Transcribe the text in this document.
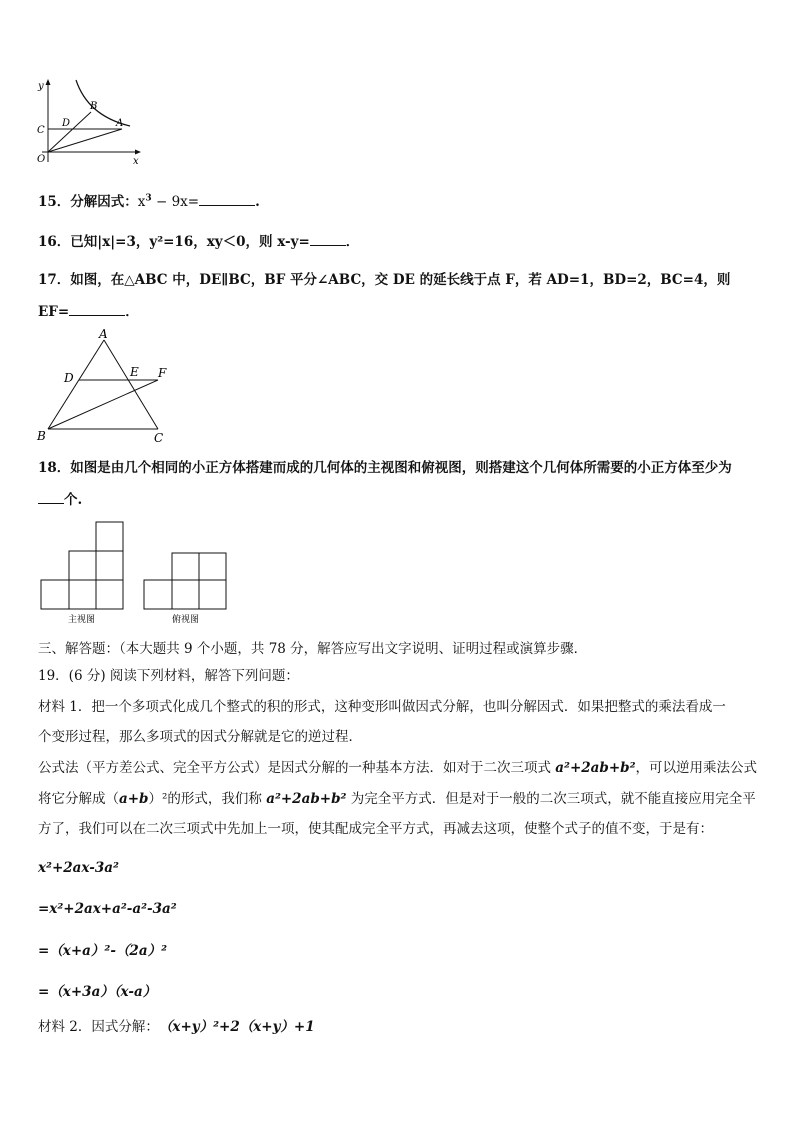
y
x
O
B
A
D
C
15．分解因式：$x^3 - 9x=$	.
16．已知|x|=3，y²=16，xy＜0，则 x-y=	．
17．如图，在△ABC 中，DE∥BC，BF 平分∠ABC，交 DE 的延长线于点 F，若 AD=1，BD=2，BC=4，则
EF=	．
A
D	E F
B	C
18．如图是由几个相同的小正方体搭建而成的几何体的主视图和俯视图，则搭建这个几何体所需要的小正方体至少为
个.
主视图	俯视图
三、解答题：（本大题共 9 个小题，共 78 分，解答应写出文字说明、证明过程或演算步骤．
19．(6 分) 阅读下列材料，解答下列问题：
材料 1．把一个多项式化成几个整式的积的形式，这种变形叫做因式分解，也叫分解因式．如果把整式的乘法看成一
个变形过程，那么多项式的因式分解就是它的逆过程．
公式法（平方差公式、完全平方公式）是因式分解的一种基本方法．如对于二次三项式 a²+2ab+b²，可以逆用乘法公式
将它分解成（a+b）²的形式，我们称 a²+2ab+b² 为完全平方式．但是对于一般的二次三项式，就不能直接应用完全平
方了，我们可以在二次三项式中先加上一项，使其配成完全平方式，再减去这项，使整个式子的值不变，于是有：
x²+2ax-3a²
=x²+2ax+a²-a²-3a²
=（x+a）²-（2a）²
=（x+3a）（x-a）
材料 2．因式分解：（x+y）²+2（x+y）+1
